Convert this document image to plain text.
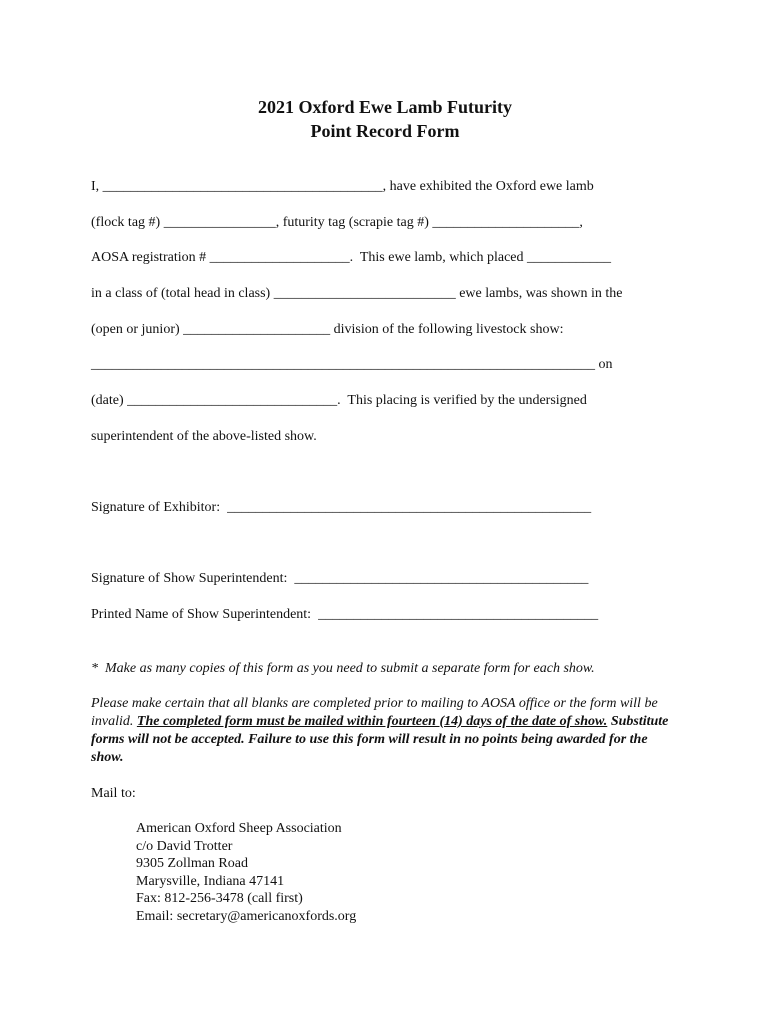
2021 Oxford Ewe Lamb Futurity
Point Record Form
I, ________________________________________, have exhibited the Oxford ewe lamb
(flock tag #) ________________, futurity tag (scrapie tag #) _____________________,
AOSA registration # ____________________.  This ewe lamb, which placed ____________
in a class of (total head in class) __________________________ ewe lambs, was shown in the
(open or junior) _____________________ division of the following livestock show:
________________________________________________________________________ on
(date) ______________________________.  This placing is verified by the undersigned
superintendent of the above-listed show.
Signature of Exhibitor:  ____________________________________________________
Signature of Show Superintendent:  __________________________________________
Printed Name of Show Superintendent:  ________________________________________
*  Make as many copies of this form as you need to submit a separate form for each show.
Please make certain that all blanks are completed prior to mailing to AOSA office or the form will be invalid. The completed form must be mailed within fourteen (14) days of the date of show. Substitute forms will not be accepted. Failure to use this form will result in no points being awarded for the show.
Mail to:
American Oxford Sheep Association
c/o David Trotter
9305 Zollman Road
Marysville, Indiana 47141
Fax: 812-256-3478 (call first)
Email: secretary@americanoxfords.org
